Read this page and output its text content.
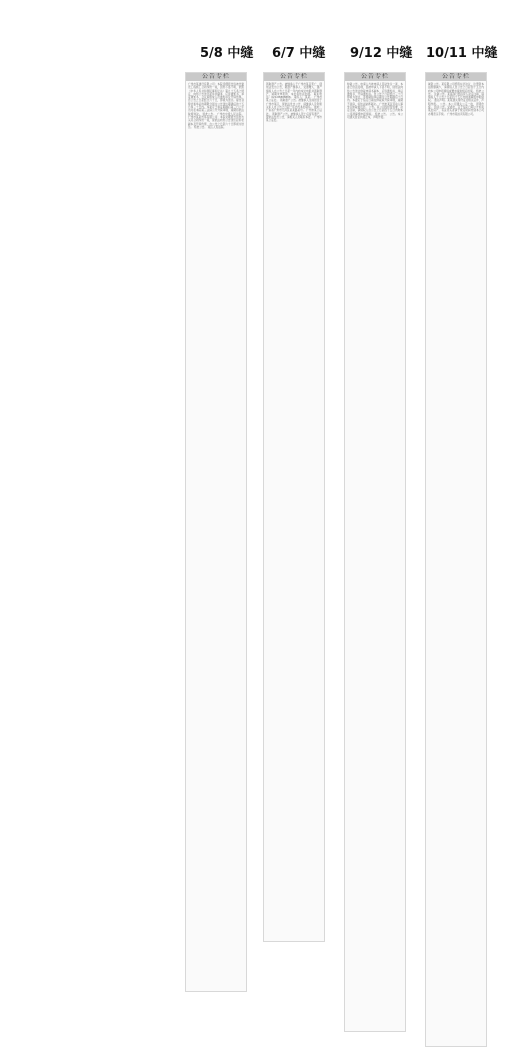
5/8 中缝 6/7 中缝 9/12 中缝 10/11 中缝
公告专栏
广州市某建设有限公司：本院受理原告诉被告建设工程施工合同纠纷一案，因你下落不明，依照《中华人民共和国民事诉讼法》第九十五条之规定，向你公告送达起诉状副本、应诉通知书、举证通知书、合议庭组成人员通知书及开庭传票。自公告之日起经过六十日，即视为送达。提出答辩状和举证的期限分别为公告送达期满后的十五日和三十日内。本案定于举证期满后第三日上午九时在本院第三法庭公开开庭审理，逾期将依法缺席判决。 特此公告。 广州市中级人民法院。 广州市某某贸易有限公司：本院受理原告诉你方买卖合同纠纷一案，现依法向你公告送达起诉状副本及开庭传票，自公告之日起六十日即视为送达。 特此公告。 某区人民法院。
公告专栏
领取遗产公告。被继承人于广州市某区死亡，现依法发出公告，限遗产继承人、受遗赠人、遗产债权人自公告之日起一年内向本处申报并领取遗产，逾期未申报的，本处将依法处理。 联系电话：020-88888888。 联系人：某某。 广州市某公证处。 领取遗产公告。被继承人生前居住于广州市某区，现依法发出公告，请继承人及利害关系人自公告之日起一年内与本处联系。 地址：广东省广州市天河区某某路某号。 广州市某公证处。 领取遗产公告。被继承人死亡后留有遗产，现依法发出公告，请相关人员联系本处。 广州市某公证处。
公告专栏
仲裁公告。申请人与被申请人劳动争议一案，本委已依法受理，因被申请人下落不明，现依法向你公告送达仲裁申请书副本、应诉通知书、举证通知书、开庭通知书。自公告之日起经过三十日即视为送达，答辩期和举证期为公告期满后十日内。本委定于指定日期在仲裁庭开庭审理，逾期不到庭，将依法缺席裁决。 广州市某区劳动人事争议仲裁委员会。 公告。某公司因经营需要，决定注销，请债权人自公告之日起四十五日内向本公司清算组申报债权。 特此公告。 公告。本公司遗失营业执照正本，声明作废。
公告专栏
减资公告。某有限公司经股东会决议，注册资本由原额减少，请债权人自公告之日起四十五日内向本公司申报债权或要求提供相应担保。 特此公告。 注销公告。某某商行经投资人决定注销，请债权人于公告之日起四十五日内向清算组申报债权。 遗失声明。某某遗失身份证及相关证件，声明作废。 公告。本公司遗失公章一枚，声明作废。 拍卖公告。受委托，定于指定日期公开拍卖某处房产，有意竞买者请于规定时间内到本公司办理竞买手续。 广州市某拍卖有限公司。
